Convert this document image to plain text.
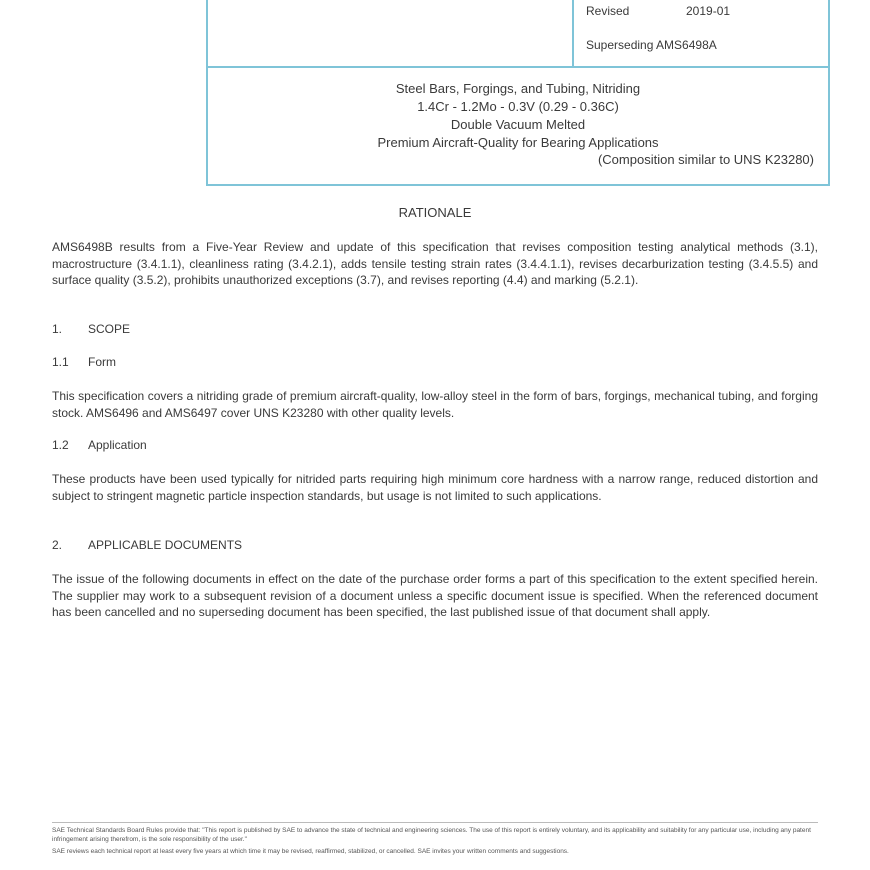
Revised	2019-01
Superseding AMS6498A
Steel Bars, Forgings, and Tubing, Nitriding
1.4Cr - 1.2Mo - 0.3V (0.29 - 0.36C)
Double Vacuum Melted
Premium Aircraft-Quality for Bearing Applications
(Composition similar to UNS K23280)
RATIONALE
AMS6498B results from a Five-Year Review and update of this specification that revises composition testing analytical methods (3.1), macrostructure (3.4.1.1), cleanliness rating (3.4.2.1), adds tensile testing strain rates (3.4.4.1.1), revises decarburization testing (3.4.5.5) and surface quality (3.5.2), prohibits unauthorized exceptions (3.7), and revises reporting (4.4) and marking (5.2.1).
1. SCOPE
1.1 Form
This specification covers a nitriding grade of premium aircraft-quality, low-alloy steel in the form of bars, forgings, mechanical tubing, and forging stock. AMS6496 and AMS6497 cover UNS K23280 with other quality levels.
1.2 Application
These products have been used typically for nitrided parts requiring high minimum core hardness with a narrow range, reduced distortion and subject to stringent magnetic particle inspection standards, but usage is not limited to such applications.
2. APPLICABLE DOCUMENTS
The issue of the following documents in effect on the date of the purchase order forms a part of this specification to the extent specified herein. The supplier may work to a subsequent revision of a document unless a specific document issue is specified. When the referenced document has been cancelled and no superseding document has been specified, the last published issue of that document shall apply.
SAE Technical Standards Board Rules provide that: "This report is published by SAE to advance the state of technical and engineering sciences. The use of this report is entirely voluntary, and its applicability and suitability for any particular use, including any patent infringement arising therefrom, is the sole responsibility of the user."
SAE reviews each technical report at least every five years at which time it may be revised, reaffirmed, stabilized, or cancelled. SAE invites your written comments and suggestions.
